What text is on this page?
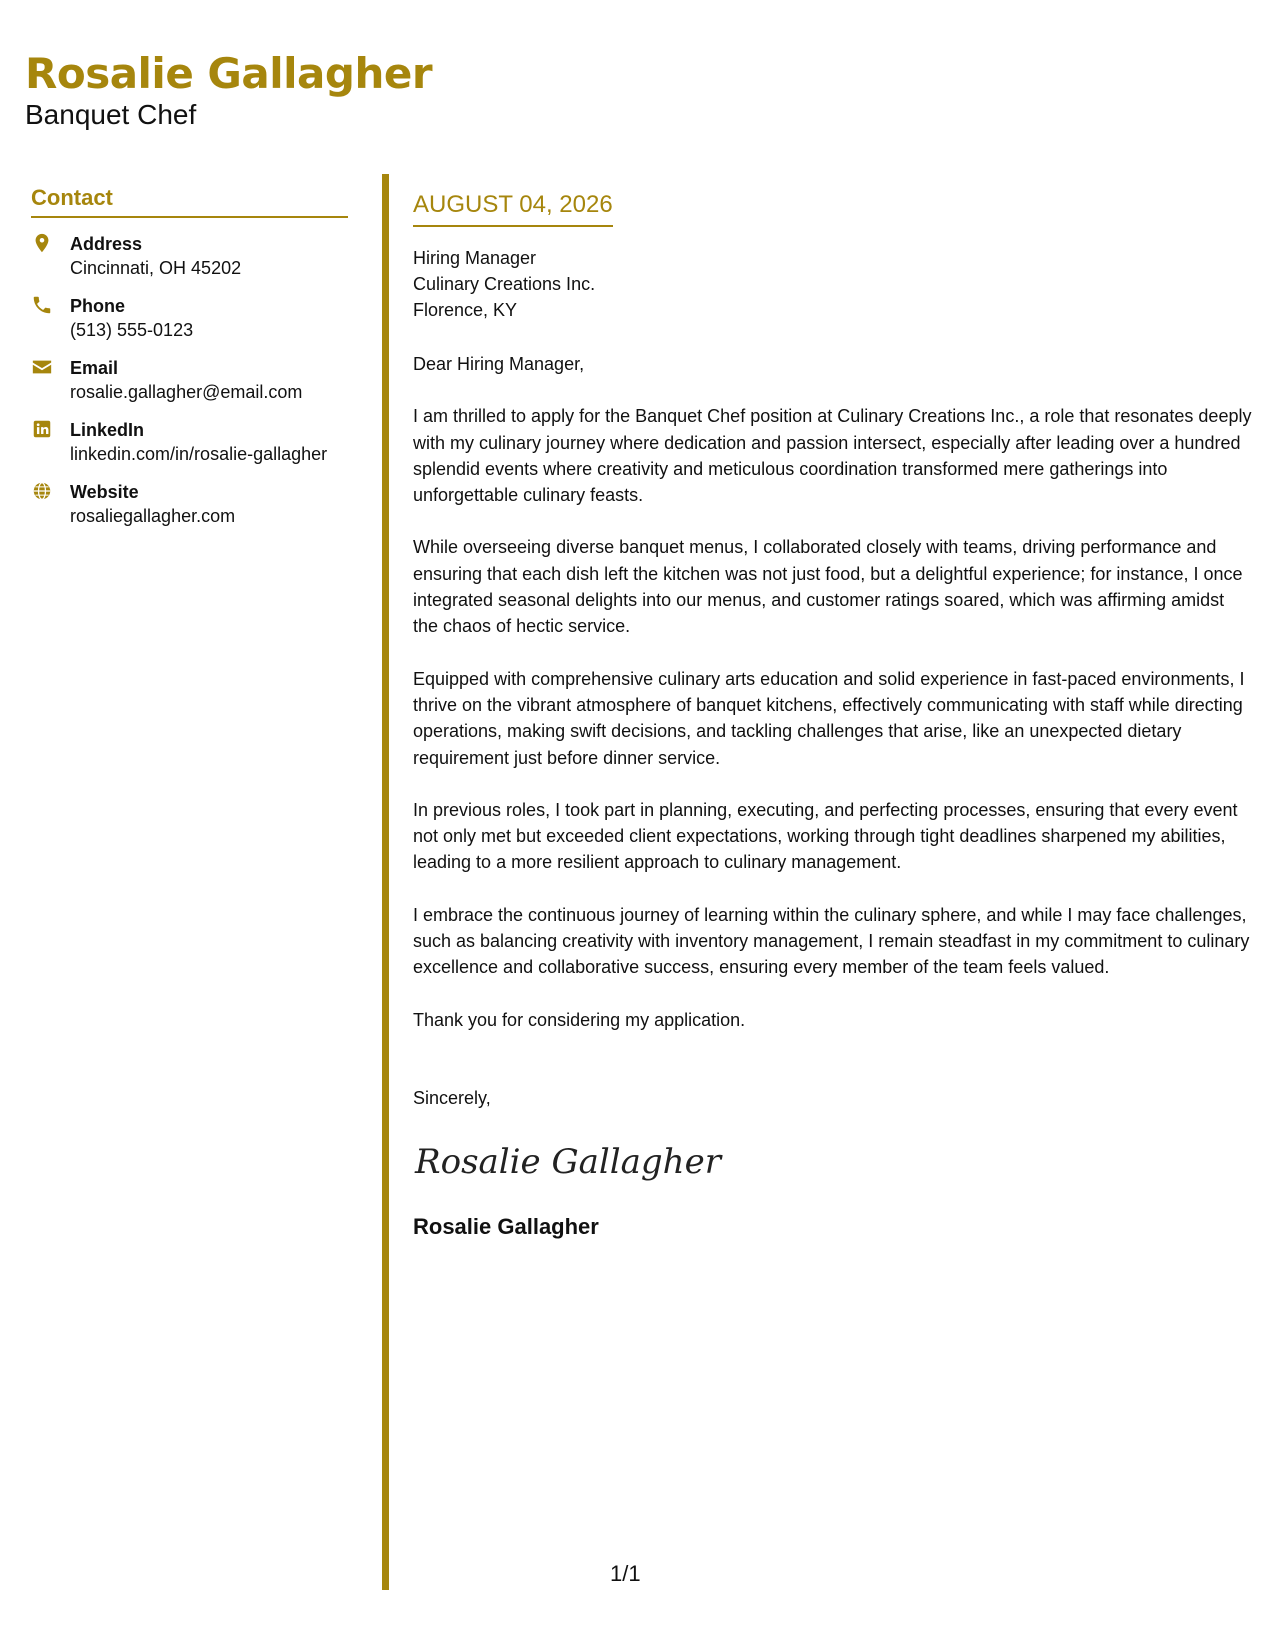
Rosalie Gallagher
Banquet Chef
Contact
Address
Cincinnati, OH 45202
Phone
(513) 555-0123
Email
rosalie.gallagher@email.com
LinkedIn
linkedin.com/in/rosalie-gallagher
Website
rosaliegallagher.com
AUGUST 04, 2026
Hiring Manager
Culinary Creations Inc.
Florence, KY
Dear Hiring Manager,

I am thrilled to apply for the Banquet Chef position at Culinary Creations Inc., a role that resonates deeply with my culinary journey where dedication and passion intersect, especially after leading over a hundred splendid events where creativity and meticulous coordination transformed mere gatherings into unforgettable culinary feasts.

While overseeing diverse banquet menus, I collaborated closely with teams, driving performance and ensuring that each dish left the kitchen was not just food, but a delightful experience; for instance, I once integrated seasonal delights into our menus, and customer ratings soared, which was affirming amidst the chaos of hectic service.

Equipped with comprehensive culinary arts education and solid experience in fast-paced environments, I thrive on the vibrant atmosphere of banquet kitchens, effectively communicating with staff while directing operations, making swift decisions, and tackling challenges that arise, like an unexpected dietary requirement just before dinner service.

In previous roles, I took part in planning, executing, and perfecting processes, ensuring that every event not only met but exceeded client expectations, working through tight deadlines sharpened my abilities, leading to a more resilient approach to culinary management.

I embrace the continuous journey of learning within the culinary sphere, and while I may face challenges, such as balancing creativity with inventory management, I remain steadfast in my commitment to culinary excellence and collaborative success, ensuring every member of the team feels valued.

Thank you for considering my application.

Sincerely,
Rosalie Gallagher
Rosalie Gallagher
1/1
